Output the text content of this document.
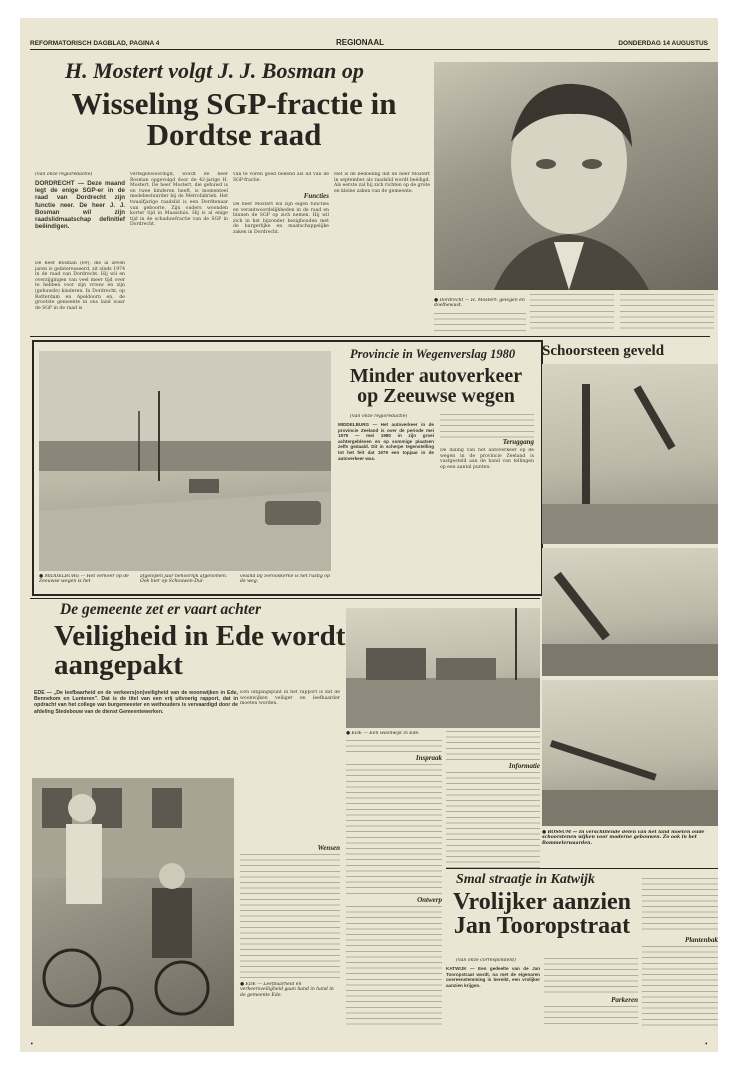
REFORMATORISCH DAGBLAD, PAGINA 4	REGIONAAL	DONDERDAG 14 AUGUSTUS
H. Mostert volgt J. J. Bosman op
Wisseling SGP-fractie in Dordtse raad
(Van onze regioredactie)
DORDRECHT — Deze maand legt de enige SGP-er in de raad van Dordrecht zijn functie neer. De heer J. J. Bosman wil zijn raadslidmaatschap definitief beëindigen.
De heer Bosman (69), die al zeven jaren is geïnteresseerd, zit sinds 1974 in de raad van Dordrecht. Hij wil en overzijgingen van veel meer tijd over te hebben voor zijn vrouw en zijn (gehuwde) kinderen. In Dordrecht, op Rotterdam en Apeldoorn en, de grootste gemeente in ons land waar de SGP in de raad is
vertegenwoordigd, wordt de heer Bosman opgevolgd door de 42-jarige H. Mostert. De heer Mostert, die gehuwd is en twee kinderen heeft, is momenteel medebestuurder bij de Metrofabriek. Het twaalfjarige raadslid is een Dordtenaar van geboorte. Zijn ouders woonden korter tijd in Maassluis. Hij is al enige tijd in de schaduwfractie van de SGP in Dordrecht.
van te voren goed bekend als lid van de SGP-fractie.
Functies
De heer Mostert wil zijn eigen functies en verantwoordelijkheden in de raad en binnen de SGP op zich nemen. Hij wil zich in het bijzonder bezighouden met de burgerlijke en maatschappelijke zaken in Dordrecht.
Het is de bedoeling dat de heer Mostert in september als raadslid wordt beëdigd. Als eerste zal hij zich richten op de grote en kleine zaken van de gemeente.
● Dordrecht — H. Mostert: gelegen en doelbewust.
● MIDDELBURG — Het verkeer op de Zeeuwse wegen is het
afgelopen jaar behoorlijk afgenomen. Ook hier op Schouwen-Dui-
veland bij Serooskerke is het rustig op de weg.
Provincie in Wegenverslag 1980
Minder autoverkeer op Zeeuwse wegen
(Van onze regioredactie)
MIDDELBURG — Het autoverkeer in de provincie Zeeland is over de periode mei 1979 — mei 1980 in zijn groei achtergebleven en op sommige plaatsen zelfs gedaald. Dit in scherpe tegenstelling tot het feit dat 1979 een topjaar in de autoverkeer was.
Teruggang
De daling van het autoverkeer op de wegen in de provincie Zeeland is vastgesteld aan de hand van tellingen op een aantal punten.
Schoorsteen geveld
● ROSSUM — In verschillende delen van het land moeten oude schoorstenen wijken voor moderne gebouwen. Zo ook in het Bommelerwaarden.
De gemeente zet er vaart achter
Veiligheid in Ede wordt aangepakt
EDE — „De leefbaarheid en de verkeers(on)veiligheid van de woonwijken in Ede, Bennekom en Lunteren". Dat is de titel van een vrij uitvoerig rapport, dat in opdracht van het college van burgemeester en wethouders is vervaardigd door de afdeling Stedebouw van de dienst Gemeentewerken.
Een uitgangspunt in het rapport is dat de woonwijken veiliger en leefbaarder moeten worden.
Wensen
● EDE — Leefbaarheid en verkeersveiligheid gaan hand in hand in de gemeente Ede.
● EDE — Een woonwijk in Ede.
Inspraak
Ontwerp
Informatie
Smal straatje in Katwijk
Vrolijker aanzien Jan Tooropstraat
(Van onze correspondent)
KATWIJK — Een gedeelte van de Jan Tooropstraat wordt, na met de eigenaren overeenstemming is bereikt, een vrolijker aanzien krijgen.
Parkeren
Plantenbak
•	•
